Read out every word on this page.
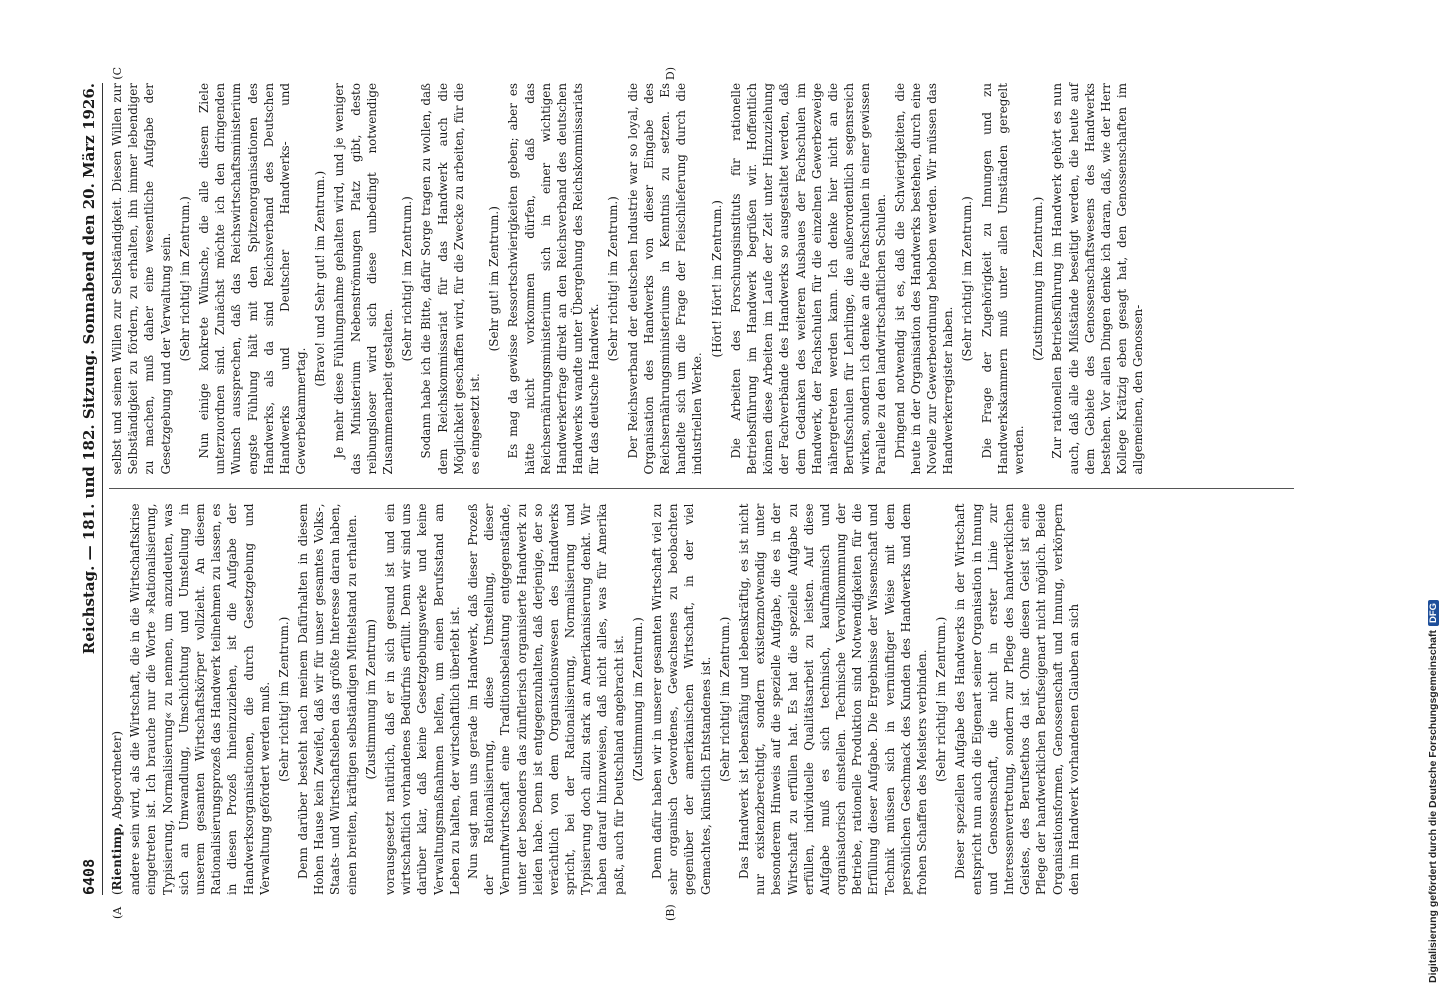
6408
Reichstag. — 181. und 182. Sitzung. Sonnabend den 20. März 1926.
(A	(B)
(C	D)

(Rientimp, Abgeordneter) andere sein wird, als die Wirtschaft, die in die Wirtschaftskrise eingetreten ist. Ich brauche nur die Worte »Rationalisierung, Typisierung, Normalisierung« zu nennen, um anzudeuten, was sich an Umwandlung, Umschichtung und Umstellung in unserem gesamten Wirtschaftskörper vollzieht. An diesem Rationalisierungsprozeß das Handwerk teilnehmen zu lassen, es in diesen Prozeß hineinzuziehen, ist die Aufgabe der Handwerksorganisationen, die durch Gesetzgebung und Verwaltung gefördert werden muß. (Sehr richtig! im Zentrum.) Denn darüber besteht nach meinem Dafürhalten in diesem Hohen Hause kein Zweifel, daß wir für unser gesamtes Volks-, Staats- und Wirtschaftsleben das größte Interesse daran haben, einen breiten, kräftigen selbständigen Mittelstand zu erhalten. (Zustimmung im Zentrum) vorausgesetzt natürlich, daß er in sich gesund ist und ein wirtschaftlich vorhandenes Bedürfnis erfüllt. Denn wir sind uns darüber klar, daß keine Gesetzgebungswerke und keine Verwaltungsmaßnahmen helfen, um einen Berufsstand am Leben zu halten, der wirtschaftlich überlebt ist. Nun sagt man uns gerade im Handwerk, daß dieser Prozeß der Rationalisierung, diese Umstellung, dieser Vernunftwirtschaft eine Traditionsbelastung entgegenstände, unter der besonders das zünftlerisch organisierte Handwerk zu leiden habe. Denn ist entgegenzuhalten, daß derjenige, der so verächtlich von dem Organisationswesen des Handwerks spricht, bei der Rationalisierung, Normalisierung und Typisierung doch allzu stark an Amerikanisierung denkt. Wir haben darauf hinzuweisen, daß nicht alles, was für Amerika paßt, auch für Deutschland angebracht ist. (Zustimmung im Zentrum.) Denn dafür haben wir in unserer gesamten Wirtschaft viel zu sehr organisch Gewordenes, Gewachsenes zu beobachten gegenüber der amerikanischen Wirtschaft, in der viel Gemachtes, künstlich Entstandenes ist. (Sehr richtig! im Zentrum.) Das Handwerk ist lebensfähig und lebenskräftig, es ist nicht nur existenzberechtigt, sondern existenznotwendig unter besonderem Hinweis auf die spezielle Aufgabe, die es in der Wirtschaft zu erfüllen hat. Es hat die spezielle Aufgabe zu erfüllen, individuelle Qualitätsarbeit zu leisten. Auf diese Aufgabe muß es sich technisch, kaufmännisch und organisatorisch einstellen. Technische Vervollkommnung der Betriebe, rationelle Produktion sind Notwendigkeiten für die Erfüllung dieser Aufgabe. Die Ergebnisse der Wissenschaft und Technik müssen sich in vernünftiger Weise mit dem persönlichen Geschmack des Kunden des Handwerks und dem frohen Schaffen des Meisters verbinden. (Sehr richtig! im Zentrum.) Dieser speziellen Aufgabe des Handwerks in der Wirtschaft entspricht nun auch die Eigenart seiner Organisation in Innung und Genossenschaft, die nicht in erster Linie zur Interessenvertretung, sondern zur Pflege des handwerklichen Geistes, des Berufsethos da ist. Ohne diesen Geist ist eine Pflege der handwerklichen Berufseigenart nicht möglich. Beide Organisationsformen, Genossenschaft und Innung, verkörpern den im Handwerk vorhandenen Glauben an sich

selbst und seinen Willen zur Selbständigkeit. Diesen Willen zur Selbständigkeit zu fördern, zu erhalten, ihn immer lebendiger zu machen, muß daher eine wesentliche Aufgabe der Gesetzgebung und der Verwaltung sein. (Sehr richtig! im Zentrum.) Nun einige konkrete Wünsche, die alle diesem Ziele unterzuordnen sind. Zunächst möchte ich den dringenden Wunsch aussprechen, daß das Reichswirtschaftsministerium engste Fühlung hält mit den Spitzenorganisationen des Handwerks, als da sind Reichsverband des Deutschen Handwerks und Deutscher Handwerks- und Gewerbekammertag.

(Bravo! und Sehr gut! im Zentrum.) Je mehr diese Fühlungnahme gehalten wird, und je weniger das Ministerium Nebenströmungen Platz gibt, desto reibungsloser wird sich diese unbedingt notwendige Zusammenarbeit gestalten.

(Sehr richtig! im Zentrum.) Sodann habe ich die Bitte, dafür Sorge tragen zu wollen, daß dem Reichskommissariat für das Handwerk auch die Möglichkeit geschaffen wird, für die Zwecke zu arbeiten, für die es eingesetzt ist.

(Sehr gut! im Zentrum.) Es mag da gewisse Ressortschwierigkeiten geben; aber es hätte nicht vorkommen dürfen, daß das Reichsernährungsministerium sich in einer wichtigen Handwerkerfrage direkt an den Reichsverband des deutschen Handwerks wandte unter Übergehung des Reichskommissariats für das deutsche Handwerk.

(Sehr richtig! im Zentrum.) Der Reichsverband der deutschen Industrie war so loyal, die Organisation des Handwerks von dieser Eingabe des Reichsernährungsministeriums in Kenntnis zu setzen. Es handelte sich um die Frage der Fleischlieferung durch die industriellen Werke.

(Hört! Hört! im Zentrum.) Die Arbeiten des Forschungsinstituts für rationelle Betriebsführung im Handwerk begrüßen wir. Hoffentlich können diese Arbeiten im Laufe der Zeit unter Hinzuziehung der Fachverbände des Handwerks so ausgestaltet werden, daß dem Gedanken des weiteren Ausbaues der Fachschulen im Handwerk, der Fachschulen für die einzelnen Gewerbezweige nähergetreten werden kann. Ich denke hier nicht an die Berufsschulen für Lehrlinge, die außerordentlich segensreich wirken, sondern ich denke an die Fachschulen in einer gewissen Parallele zu den landwirtschaftlichen Schulen. Dringend notwendig ist es, daß die Schwierigkeiten, die heute in der Organisation des Handwerks bestehen, durch eine Novelle zur Gewerbeordnung behoben werden. Wir müssen das Handwerkerregister haben.

(Sehr richtig! im Zentrum.) Die Frage der Zugehörigkeit zu Innungen und zu Handwerkskammern muß unter allen Umständen geregelt werden.

(Zustimmung im Zentrum.) Zur rationellen Betriebsführung im Handwerk gehört es nun auch, daß alle die Mißstände beseitigt werden, die heute auf dem Gebiete des Genossenschaftswesens des Handwerks bestehen. Vor allen Dingen denke ich daran, daß, wie der Herr Kollege Krätzig eben gesagt hat, den Genossenschaften im allgemeinen, den Genossen-

Digitalisierung gefördert durch die Deutsche Forschungsgemeinschaft
DFG
